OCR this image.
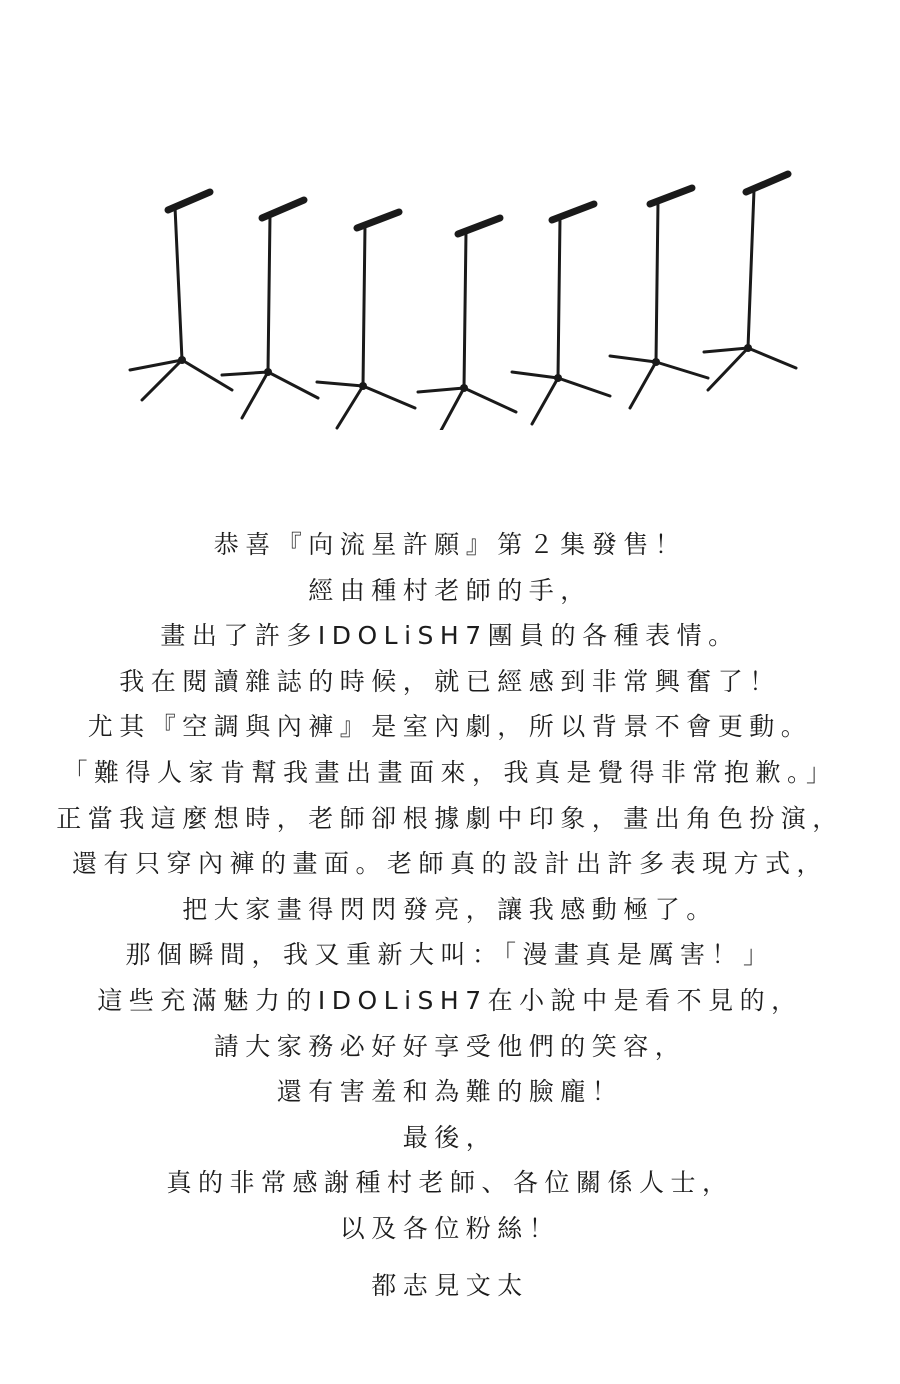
恭喜『向流星許願』第２集發售！
經由種村老師的手，
畫出了許多IDOLiSH7團員的各種表情。
我在閱讀雜誌的時候，就已經感到非常興奮了！
尤其『空調與內褲』是室內劇，所以背景不會更動。
「難得人家肯幫我畫出畫面來，我真是覺得非常抱歉。」
正當我這麼想時，老師卻根據劇中印象，畫出角色扮演，
還有只穿內褲的畫面。老師真的設計出許多表現方式，
把大家畫得閃閃發亮，讓我感動極了。
那個瞬間，我又重新大叫：「漫畫真是厲害！」
這些充滿魅力的IDOLiSH7在小說中是看不見的，
請大家務必好好享受他們的笑容，
還有害羞和為難的臉龐！
最後，
真的非常感謝種村老師、各位關係人士，
以及各位粉絲！
都志見文太
